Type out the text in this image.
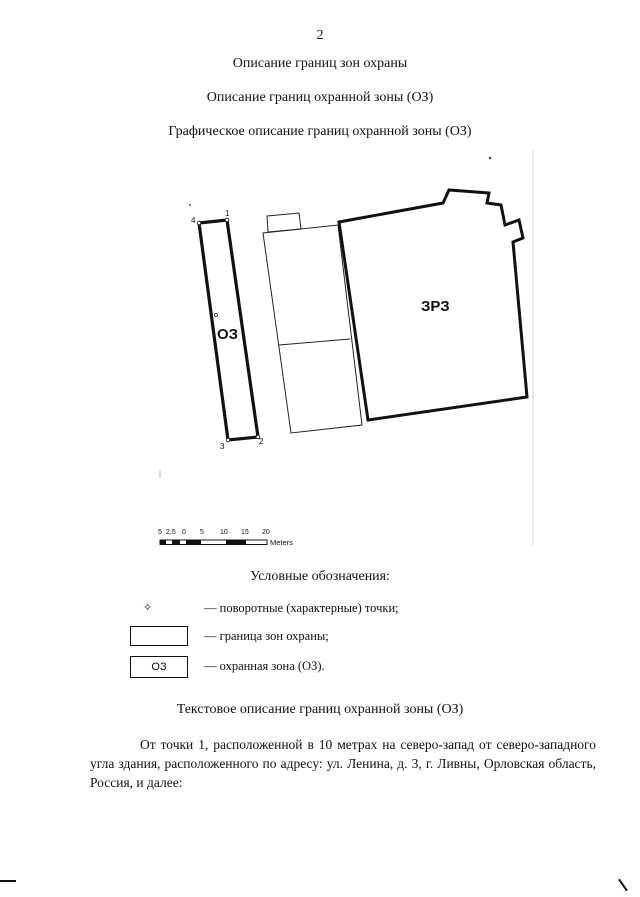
2
Описание границ зон охраны
Описание границ охранной зоны (ОЗ)
Графическое описание границ охранной зоны (ОЗ)
ОЗ
ЗРЗ
1
2
3
4
5 2,5 0 5 10 15 20
Meters
Условные обозначения:
✧	— поворотные (характерные) точки;
— граница зон охраны;
ОЗ	— охранная зона (ОЗ).
Текстовое описание границ охранной зоны (ОЗ)
От точки 1, расположенной в 10 метрах на северо-запад от северо-западного угла здания, расположенного по адресу: ул. Ленина, д. 3, г. Ливны, Орловская область, Россия, и далее:
